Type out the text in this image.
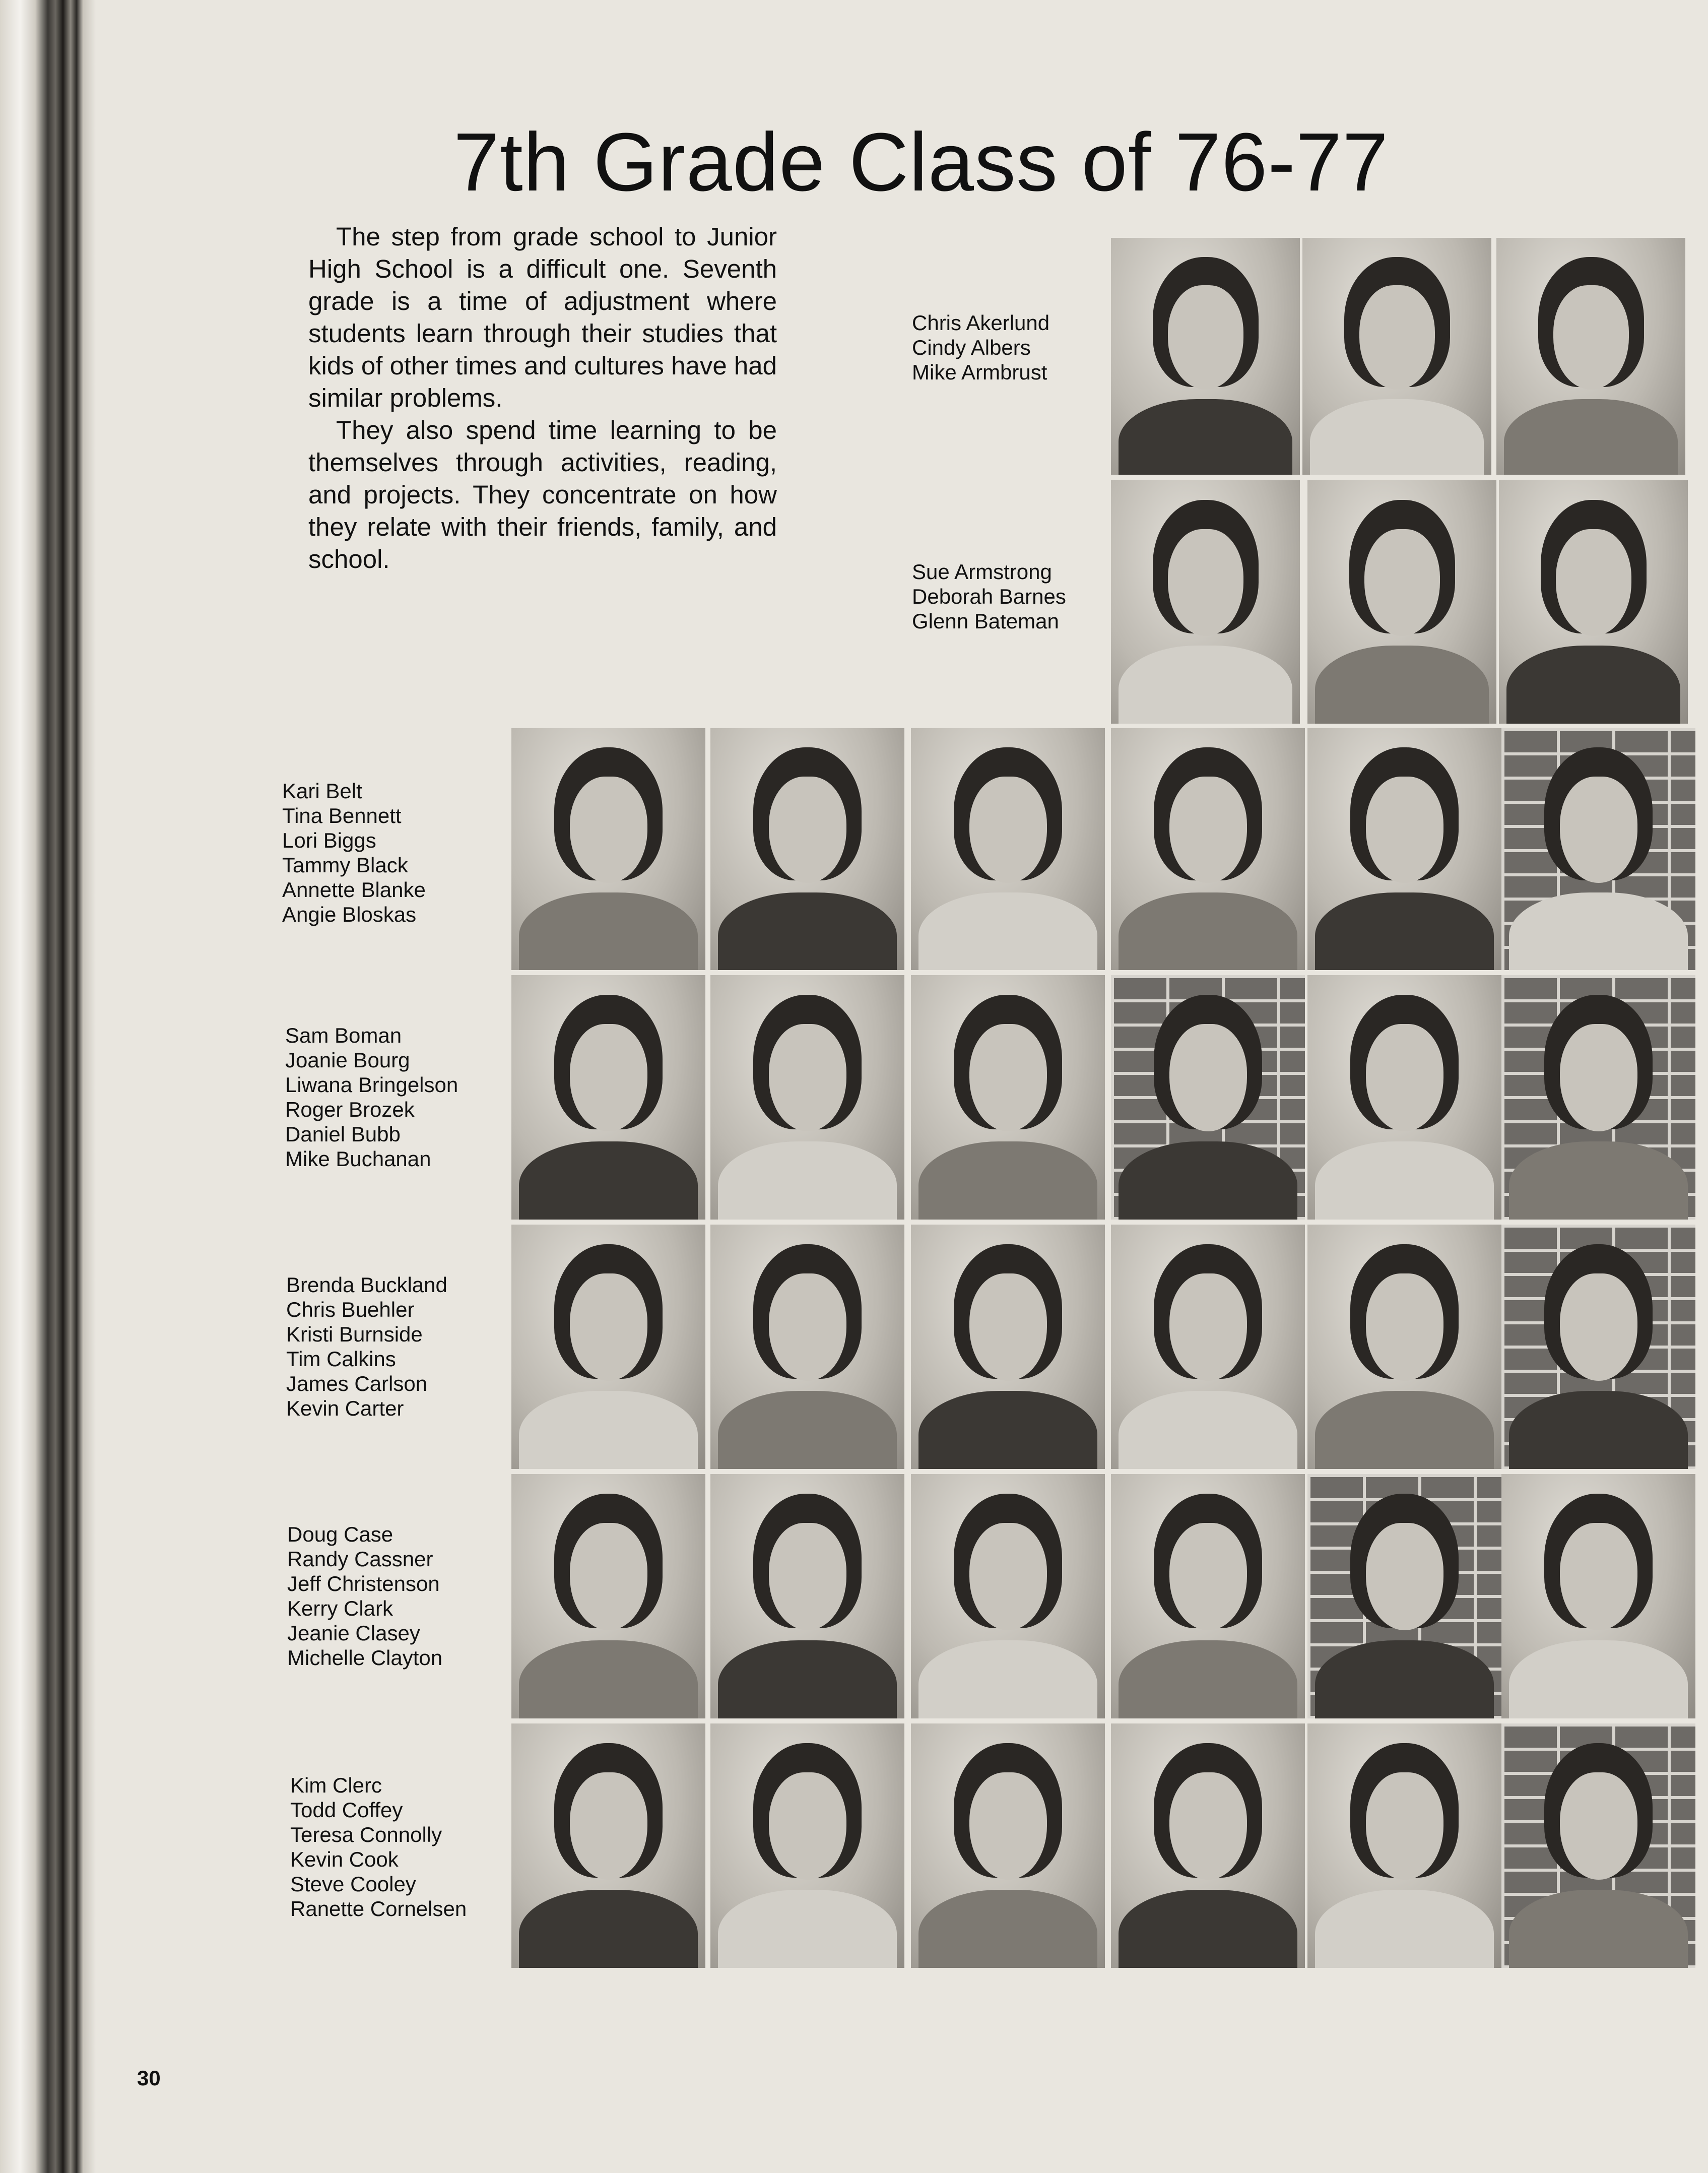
7th Grade Class of 76-77

The step from grade school to Junior High School is a difficult one. Seventh grade is a time of adjustment where students learn through their studies that kids of other times and cultures have had similar problems.

They also spend time learning to be themselves through activities, reading, and projects. They concentrate on how they relate with their friends, family, and school.

Chris Akerlund
Cindy Albers
Mike Armbrust
Sue Armstrong
Deborah Barnes
Glenn Bateman
Kari Belt
Tina Bennett
Lori Biggs
Tammy Black
Annette Blanke
Angie Bloskas
Sam Boman
Joanie Bourg
Liwana Bringelson
Roger Brozek
Daniel Bubb
Mike Buchanan
Brenda Buckland
Chris Buehler
Kristi Burnside
Tim Calkins
James Carlson
Kevin Carter
Doug Case
Randy Cassner
Jeff Christenson
Kerry Clark
Jeanie Clasey
Michelle Clayton
Kim Clerc
Todd Coffey
Teresa Connolly
Kevin Cook
Steve Cooley
Ranette Cornelsen
30
